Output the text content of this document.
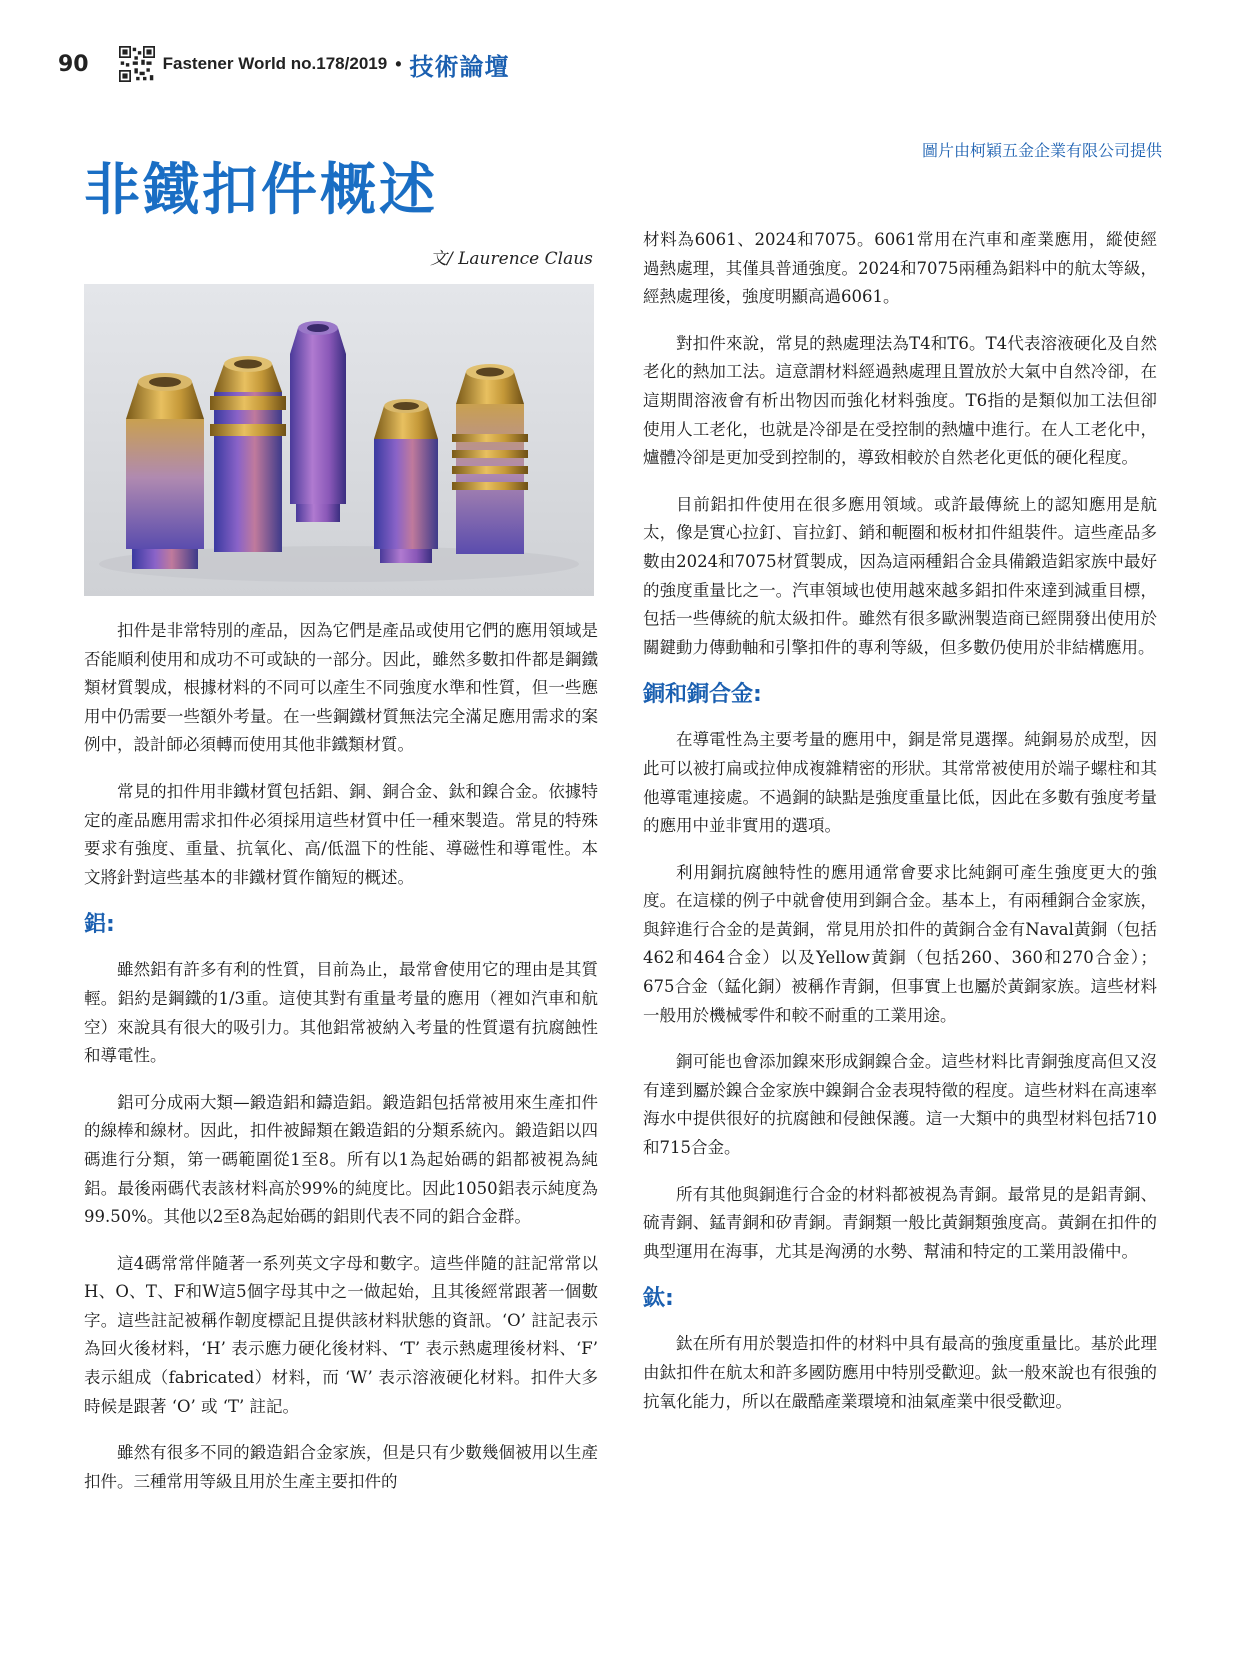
90	Fastener World no.178/2019 • 技術論壇
圖片由柯穎五金企業有限公司提供
非鐵扣件概述
文/ Laurence Claus

扣件是非常特別的產品，因為它們是產品或使用它們的應用領域是否能順利使用和成功不可或缺的一部分。因此，雖然多數扣件都是鋼鐵類材質製成，根據材料的不同可以產生不同強度水準和性質，但一些應用中仍需要一些額外考量。在一些鋼鐵材質無法完全滿足應用需求的案例中，設計師必須轉而使用其他非鐵類材質。

常見的扣件用非鐵材質包括鋁、銅、銅合金、鈦和鎳合金。依據特定的產品應用需求扣件必須採用這些材質中任一種來製造。常見的特殊要求有強度、重量、抗氧化、高/低溫下的性能、導磁性和導電性。本文將針對這些基本的非鐵材質作簡短的概述。

鋁:

雖然鋁有許多有利的性質，目前為止，最常會使用它的理由是其質輕。鋁約是鋼鐵的1/3重。這使其對有重量考量的應用（裡如汽車和航空）來說具有很大的吸引力。其他鋁常被納入考量的性質還有抗腐蝕性和導電性。

鋁可分成兩大類—鍛造鋁和鑄造鋁。鍛造鋁包括常被用來生產扣件的線棒和線材。因此，扣件被歸類在鍛造鋁的分類系統內。鍛造鋁以四碼進行分類，第一碼範圍從1至8。所有以1為起始碼的鋁都被視為純鋁。最後兩碼代表該材料高於99%的純度比。因此1050鋁表示純度為99.50%。其他以2至8為起始碼的鋁則代表不同的鋁合金群。

這4碼常常伴隨著一系列英文字母和數字。這些伴隨的註記常常以H、O、T、F和W這5個字母其中之一做起始，且其後經常跟著一個數字。這些註記被稱作韌度標記且提供該材料狀態的資訊。‘O’ 註記表示為回火後材料，‘H’ 表示應力硬化後材料、‘T’ 表示熱處理後材料、‘F’ 表示組成（fabricated）材料，而 ‘W’ 表示溶液硬化材料。扣件大多時候是跟著 ‘O’ 或 ‘T’ 註記。

雖然有很多不同的鍛造鋁合金家族，但是只有少數幾個被用以生產扣件。三種常用等級且用於生產主要扣件的

材料為6061、2024和7075。6061常用在汽車和產業應用，縱使經過熱處理，其僅具普通強度。2024和7075兩種為鋁料中的航太等級，經熱處理後，強度明顯高過6061。

對扣件來說，常見的熱處理法為T4和T6。T4代表溶液硬化及自然老化的熱加工法。這意謂材料經過熱處理且置放於大氣中自然冷卻，在這期間溶液會有析出物因而強化材料強度。T6指的是類似加工法但卻使用人工老化，也就是冷卻是在受控制的熱爐中進行。在人工老化中，爐體冷卻是更加受到控制的，導致相較於自然老化更低的硬化程度。

目前鋁扣件使用在很多應用領域。或許最傳統上的認知應用是航太，像是實心拉釘、盲拉釘、銷和軛圈和板材扣件組裝件。這些產品多數由2024和7075材質製成，因為這兩種鋁合金具備鍛造鋁家族中最好的強度重量比之一。汽車領域也使用越來越多鋁扣件來達到減重目標，包括一些傳統的航太級扣件。雖然有很多歐洲製造商已經開發出使用於關鍵動力傳動軸和引擎扣件的專利等級，但多數仍使用於非結構應用。

銅和銅合金:

在導電性為主要考量的應用中，銅是常見選擇。純銅易於成型，因此可以被打扁或拉伸成複雜精密的形狀。其常常被使用於端子螺柱和其他導電連接處。不過銅的缺點是強度重量比低，因此在多數有強度考量的應用中並非實用的選項。

利用銅抗腐蝕特性的應用通常會要求比純銅可產生強度更大的強度。在這樣的例子中就會使用到銅合金。基本上，有兩種銅合金家族，與鋅進行合金的是黃銅，常見用於扣件的黃銅合金有Naval黃銅（包括462和464合金）以及Yellow黃銅（包括260、360和270合金）；675合金（錳化銅）被稱作青銅，但事實上也屬於黃銅家族。這些材料一般用於機械零件和較不耐重的工業用途。

銅可能也會添加鎳來形成銅鎳合金。這些材料比青銅強度高但又沒有達到屬於鎳合金家族中鎳銅合金表現特徵的程度。這些材料在高速率海水中提供很好的抗腐蝕和侵蝕保護。這一大類中的典型材料包括710和715合金。

所有其他與銅進行合金的材料都被視為青銅。最常見的是鋁青銅、硫青銅、錳青銅和矽青銅。青銅類一般比黃銅類強度高。黃銅在扣件的典型運用在海事，尤其是洶湧的水勢、幫浦和特定的工業用設備中。

鈦:

鈦在所有用於製造扣件的材料中具有最高的強度重量比。基於此理由鈦扣件在航太和許多國防應用中特別受歡迎。鈦一般來說也有很強的抗氧化能力，所以在嚴酷產業環境和油氣產業中很受歡迎。
